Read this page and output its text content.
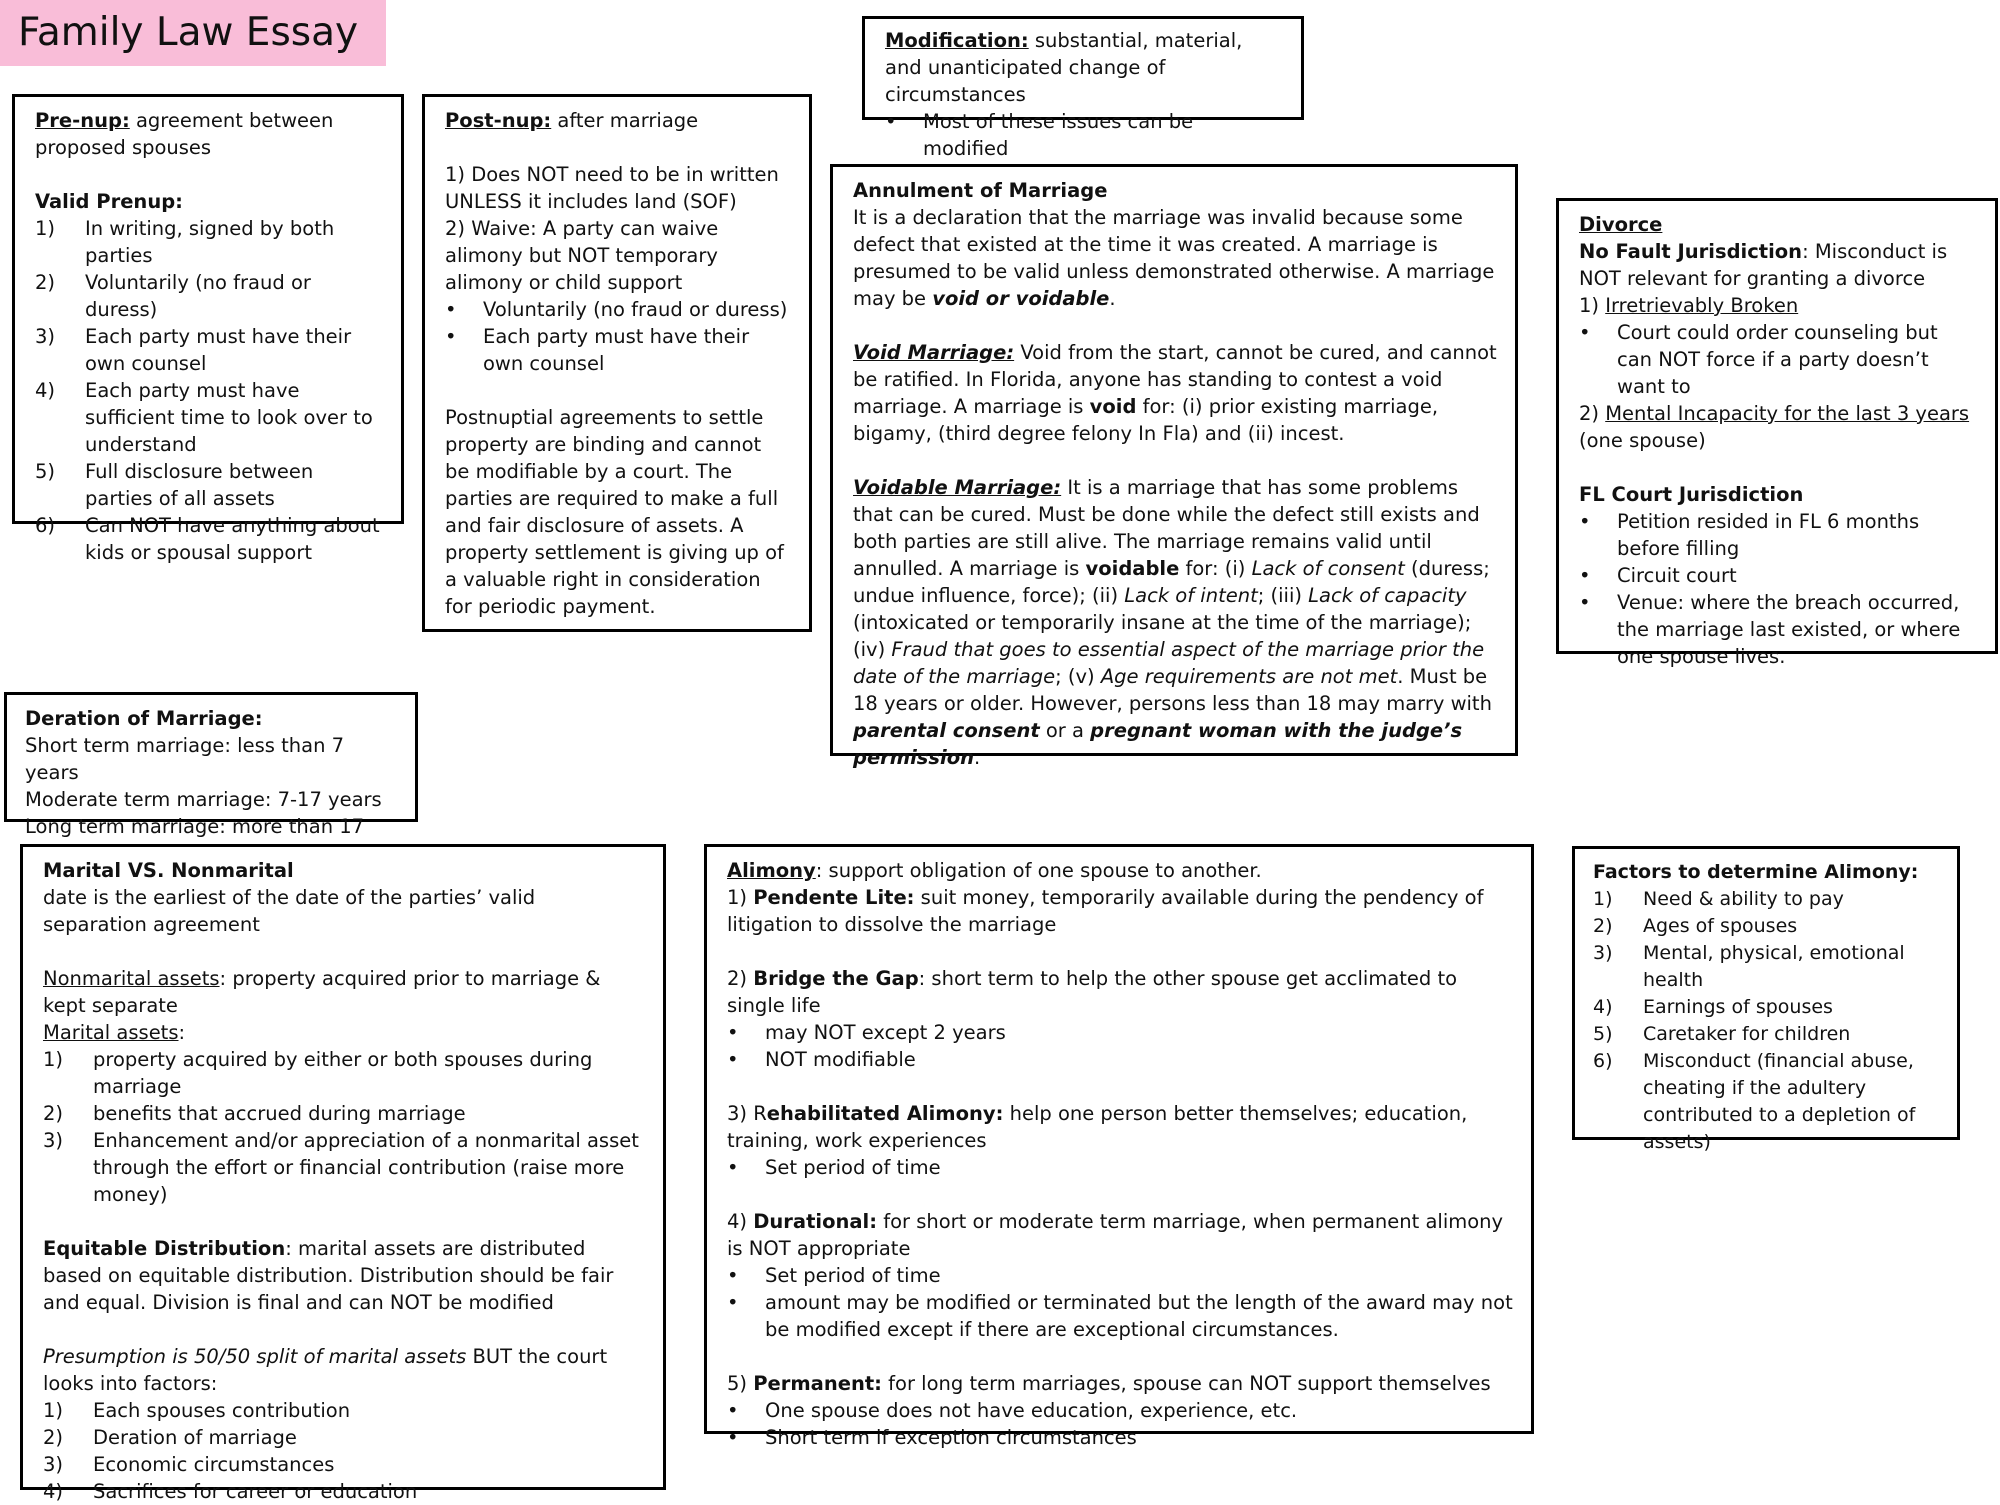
Family Law Essay	Modification: substantial, material, and unanticipated change of circumstances

• Most of these issues can be modified

Pre-nup: agreement between proposed spouses

Valid Prenup:

1) In writing, signed by both parties
2) Voluntarily (no fraud or duress)
3) Each party must have their own counsel
4) Each party must have sufficient time to look over to understand
5) Full disclosure between parties of all assets
6) Can NOT have anything about kids or spousal support

Post-nup: after marriage

1) Does NOT need to be in written UNLESS it includes land (SOF)

2) Waive: A party can waive alimony but NOT temporary alimony or child support

• Voluntarily (no fraud or duress)
• Each party must have their own counsel

Postnuptial agreements to settle property are binding and cannot be modifiable by a court. The parties are required to make a full and fair disclosure of assets. A property settlement is giving up of a valuable right in consideration for periodic payment.

Annulment of Marriage

It is a declaration that the marriage was invalid because some defect that existed at the time it was created. A marriage is presumed to be valid unless demonstrated otherwise. A marriage may be void or voidable.

Void Marriage: Void from the start, cannot be cured, and cannot be ratified. In Florida, anyone has standing to contest a void marriage. A marriage is void for: (i) prior existing marriage, bigamy, (third degree felony In Fla) and (ii) incest.

Voidable Marriage: It is a marriage that has some problems that can be cured. Must be done while the defect still exists and both parties are still alive. The marriage remains valid until annulled. A marriage is voidable for: (i) Lack of consent (duress; undue influence, force); (ii) Lack of intent; (iii) Lack of capacity (intoxicated or temporarily insane at the time of the marriage); (iv) Fraud that goes to essential aspect of the marriage prior the date of the marriage; (v) Age requirements are not met. Must be 18 years or older. However, persons less than 18 may marry with parental consent or a pregnant woman with the judge’s permission.

Divorce

No Fault Jurisdiction: Misconduct is NOT relevant for granting a divorce

1) Irretrievably Broken

• Court could order counseling but can NOT force if a party doesn’t want to

2) Mental Incapacity for the last 3 years (one spouse)

FL Court Jurisdiction

• Petition resided in FL 6 months before filling
• Circuit court
• Venue: where the breach occurred, the marriage last existed, or where one spouse lives.

Deration of Marriage:

Short term marriage: less than 7 years

Moderate term marriage: 7-17 years

Long term marriage: more than 17

Marital VS. Nonmarital

date is the earliest of the date of the parties’ valid separation agreement

Nonmarital assets: property acquired prior to marriage & kept separate

Marital assets:

1) property acquired by either or both spouses during marriage
2) benefits that accrued during marriage
3) Enhancement and/or appreciation of a nonmarital asset through the effort or financial contribution (raise more money)

Equitable Distribution: marital assets are distributed based on equitable distribution. Distribution should be fair and equal. Division is final and can NOT be modified

Presumption is 50/50 split of marital assets BUT the court looks into factors:

1) Each spouses contribution
2) Deration of marriage
3) Economic circumstances
4) Sacrifices for career or education

Alimony: support obligation of one spouse to another.

1) Pendente Lite: suit money, temporarily available during the pendency of litigation to dissolve the marriage

2) Bridge the Gap: short term to help the other spouse get acclimated to single life

• may NOT except 2 years
• NOT modifiable

3) Rehabilitated Alimony: help one person better themselves; education, training, work experiences

• Set period of time

4) Durational: for short or moderate term marriage, when permanent alimony is NOT appropriate

• Set period of time
• amount may be modified or terminated but the length of the award may not be modified except if there are exceptional circumstances.

5) Permanent: for long term marriages, spouse can NOT support themselves

• One spouse does not have education, experience, etc.
• Short term if exception circumstances

Factors to determine Alimony:

1) Need & ability to pay
2) Ages of spouses
3) Mental, physical, emotional health
4) Earnings of spouses
5) Caretaker for children
6) Misconduct (financial abuse, cheating if the adultery contributed to a depletion of assets)
